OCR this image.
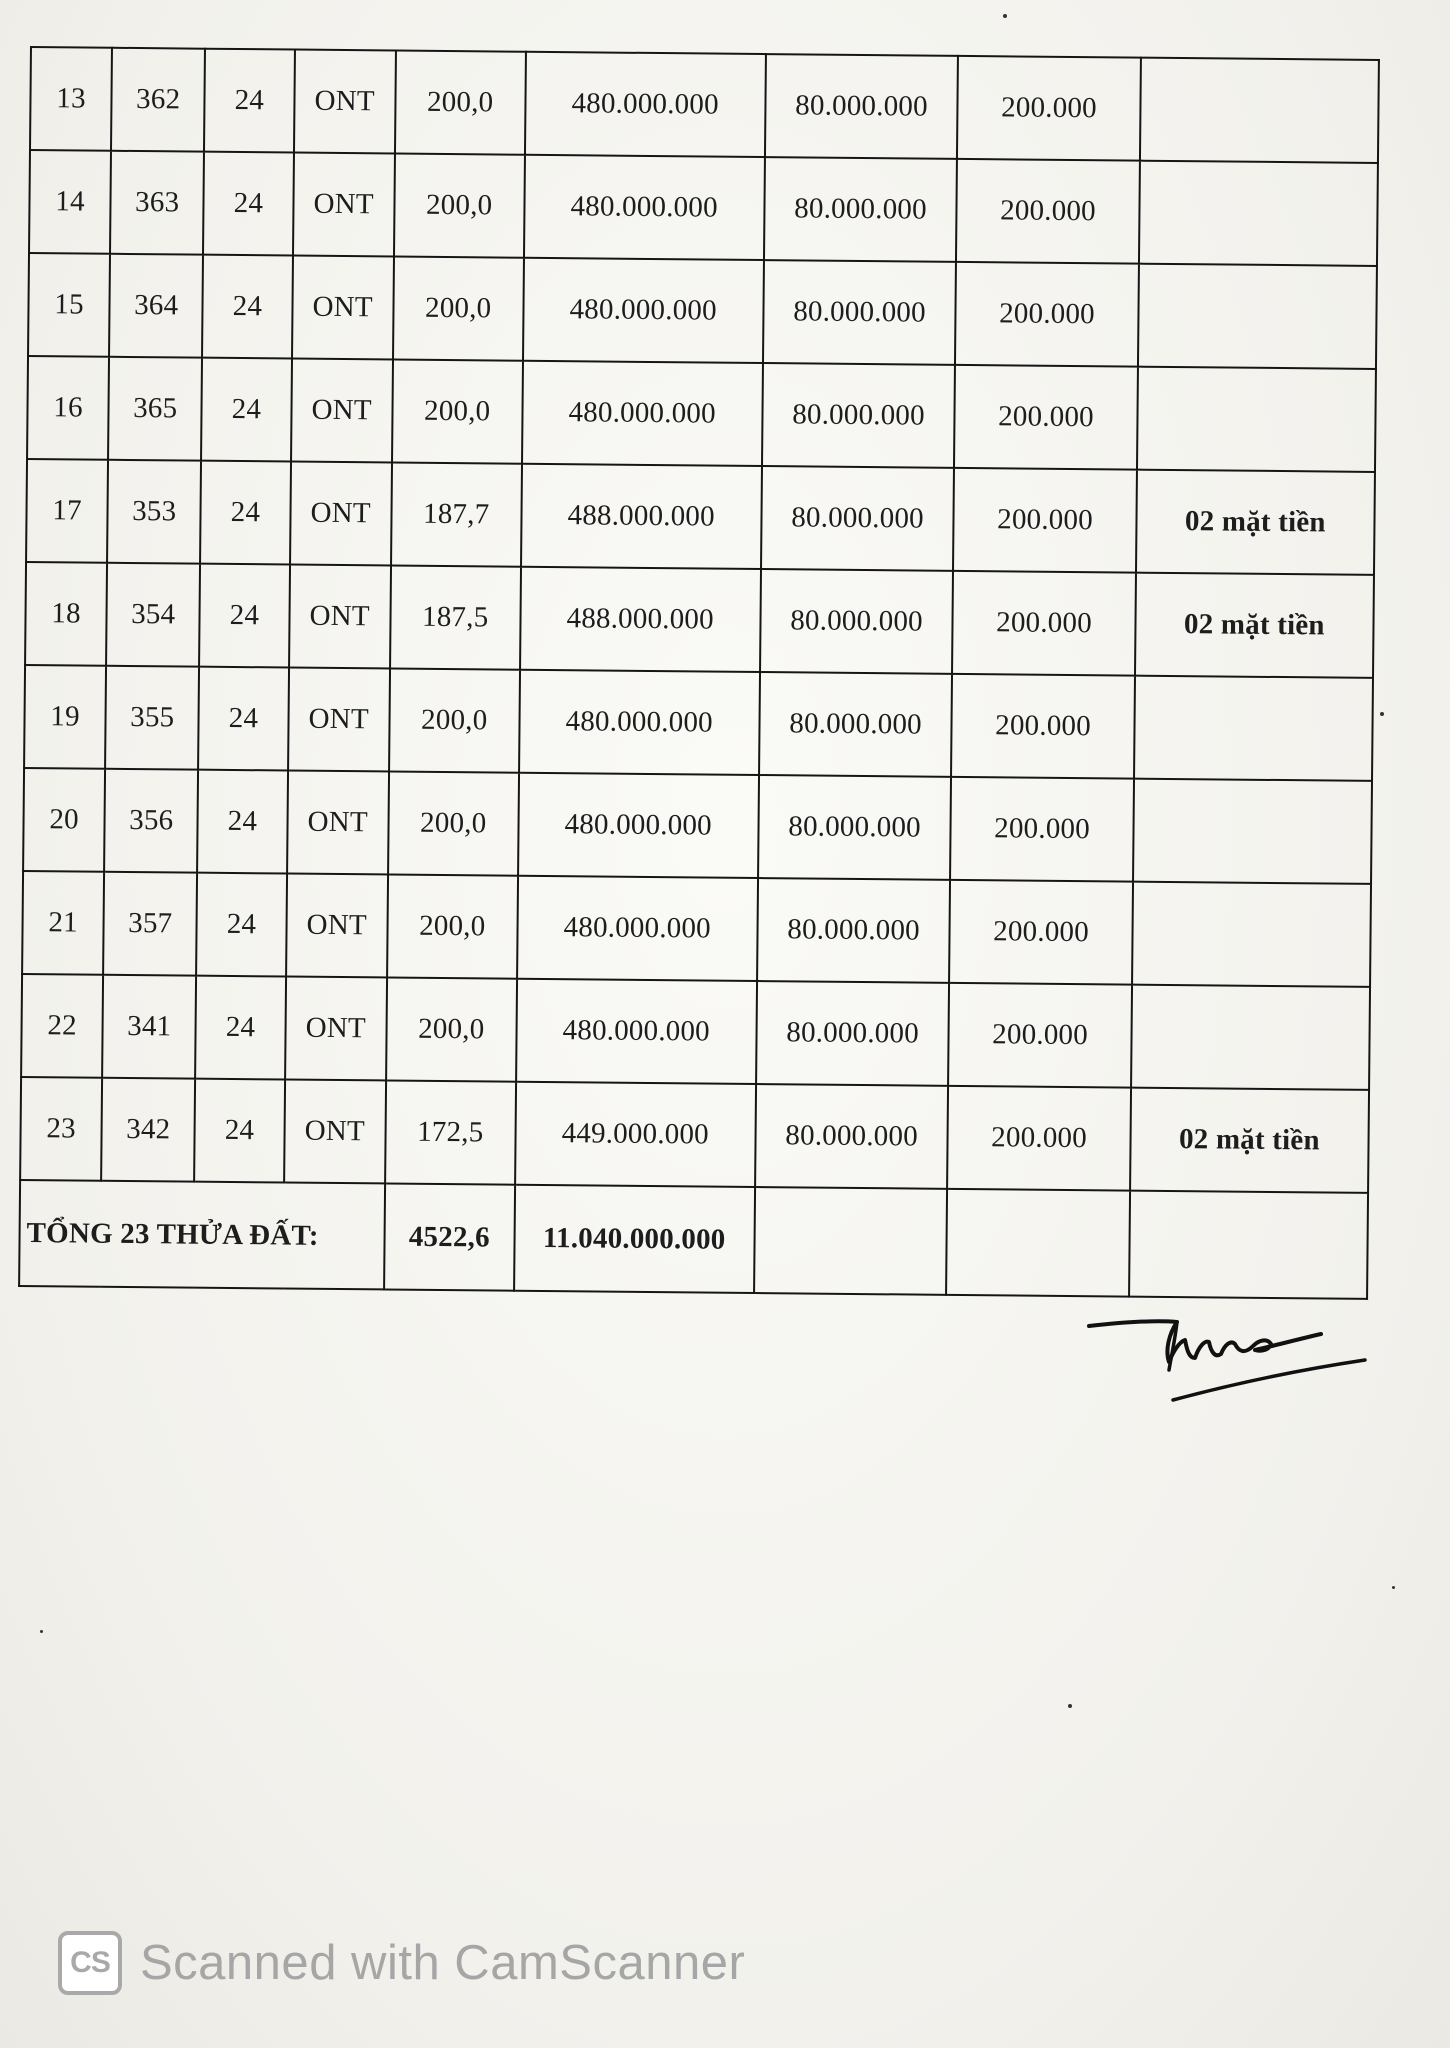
13	362	24	ONT	200,0	480.000.000	80.000.000	200.000	
14	363	24	ONT	200,0	480.000.000	80.000.000	200.000	
15	364	24	ONT	200,0	480.000.000	80.000.000	200.000	
16	365	24	ONT	200,0	480.000.000	80.000.000	200.000	
17	353	24	ONT	187,7	488.000.000	80.000.000	200.000	02 mặt tiền
18	354	24	ONT	187,5	488.000.000	80.000.000	200.000	02 mặt tiền
19	355	24	ONT	200,0	480.000.000	80.000.000	200.000	
20	356	24	ONT	200,0	480.000.000	80.000.000	200.000	
21	357	24	ONT	200,0	480.000.000	80.000.000	200.000	
22	341	24	ONT	200,0	480.000.000	80.000.000	200.000	
23	342	24	ONT	172,5	449.000.000	80.000.000	200.000	02 mặt tiền
TỔNG 23 THỬA ĐẤT:				4522,6	11.040.000.000			
CS Scanned with CamScanner
